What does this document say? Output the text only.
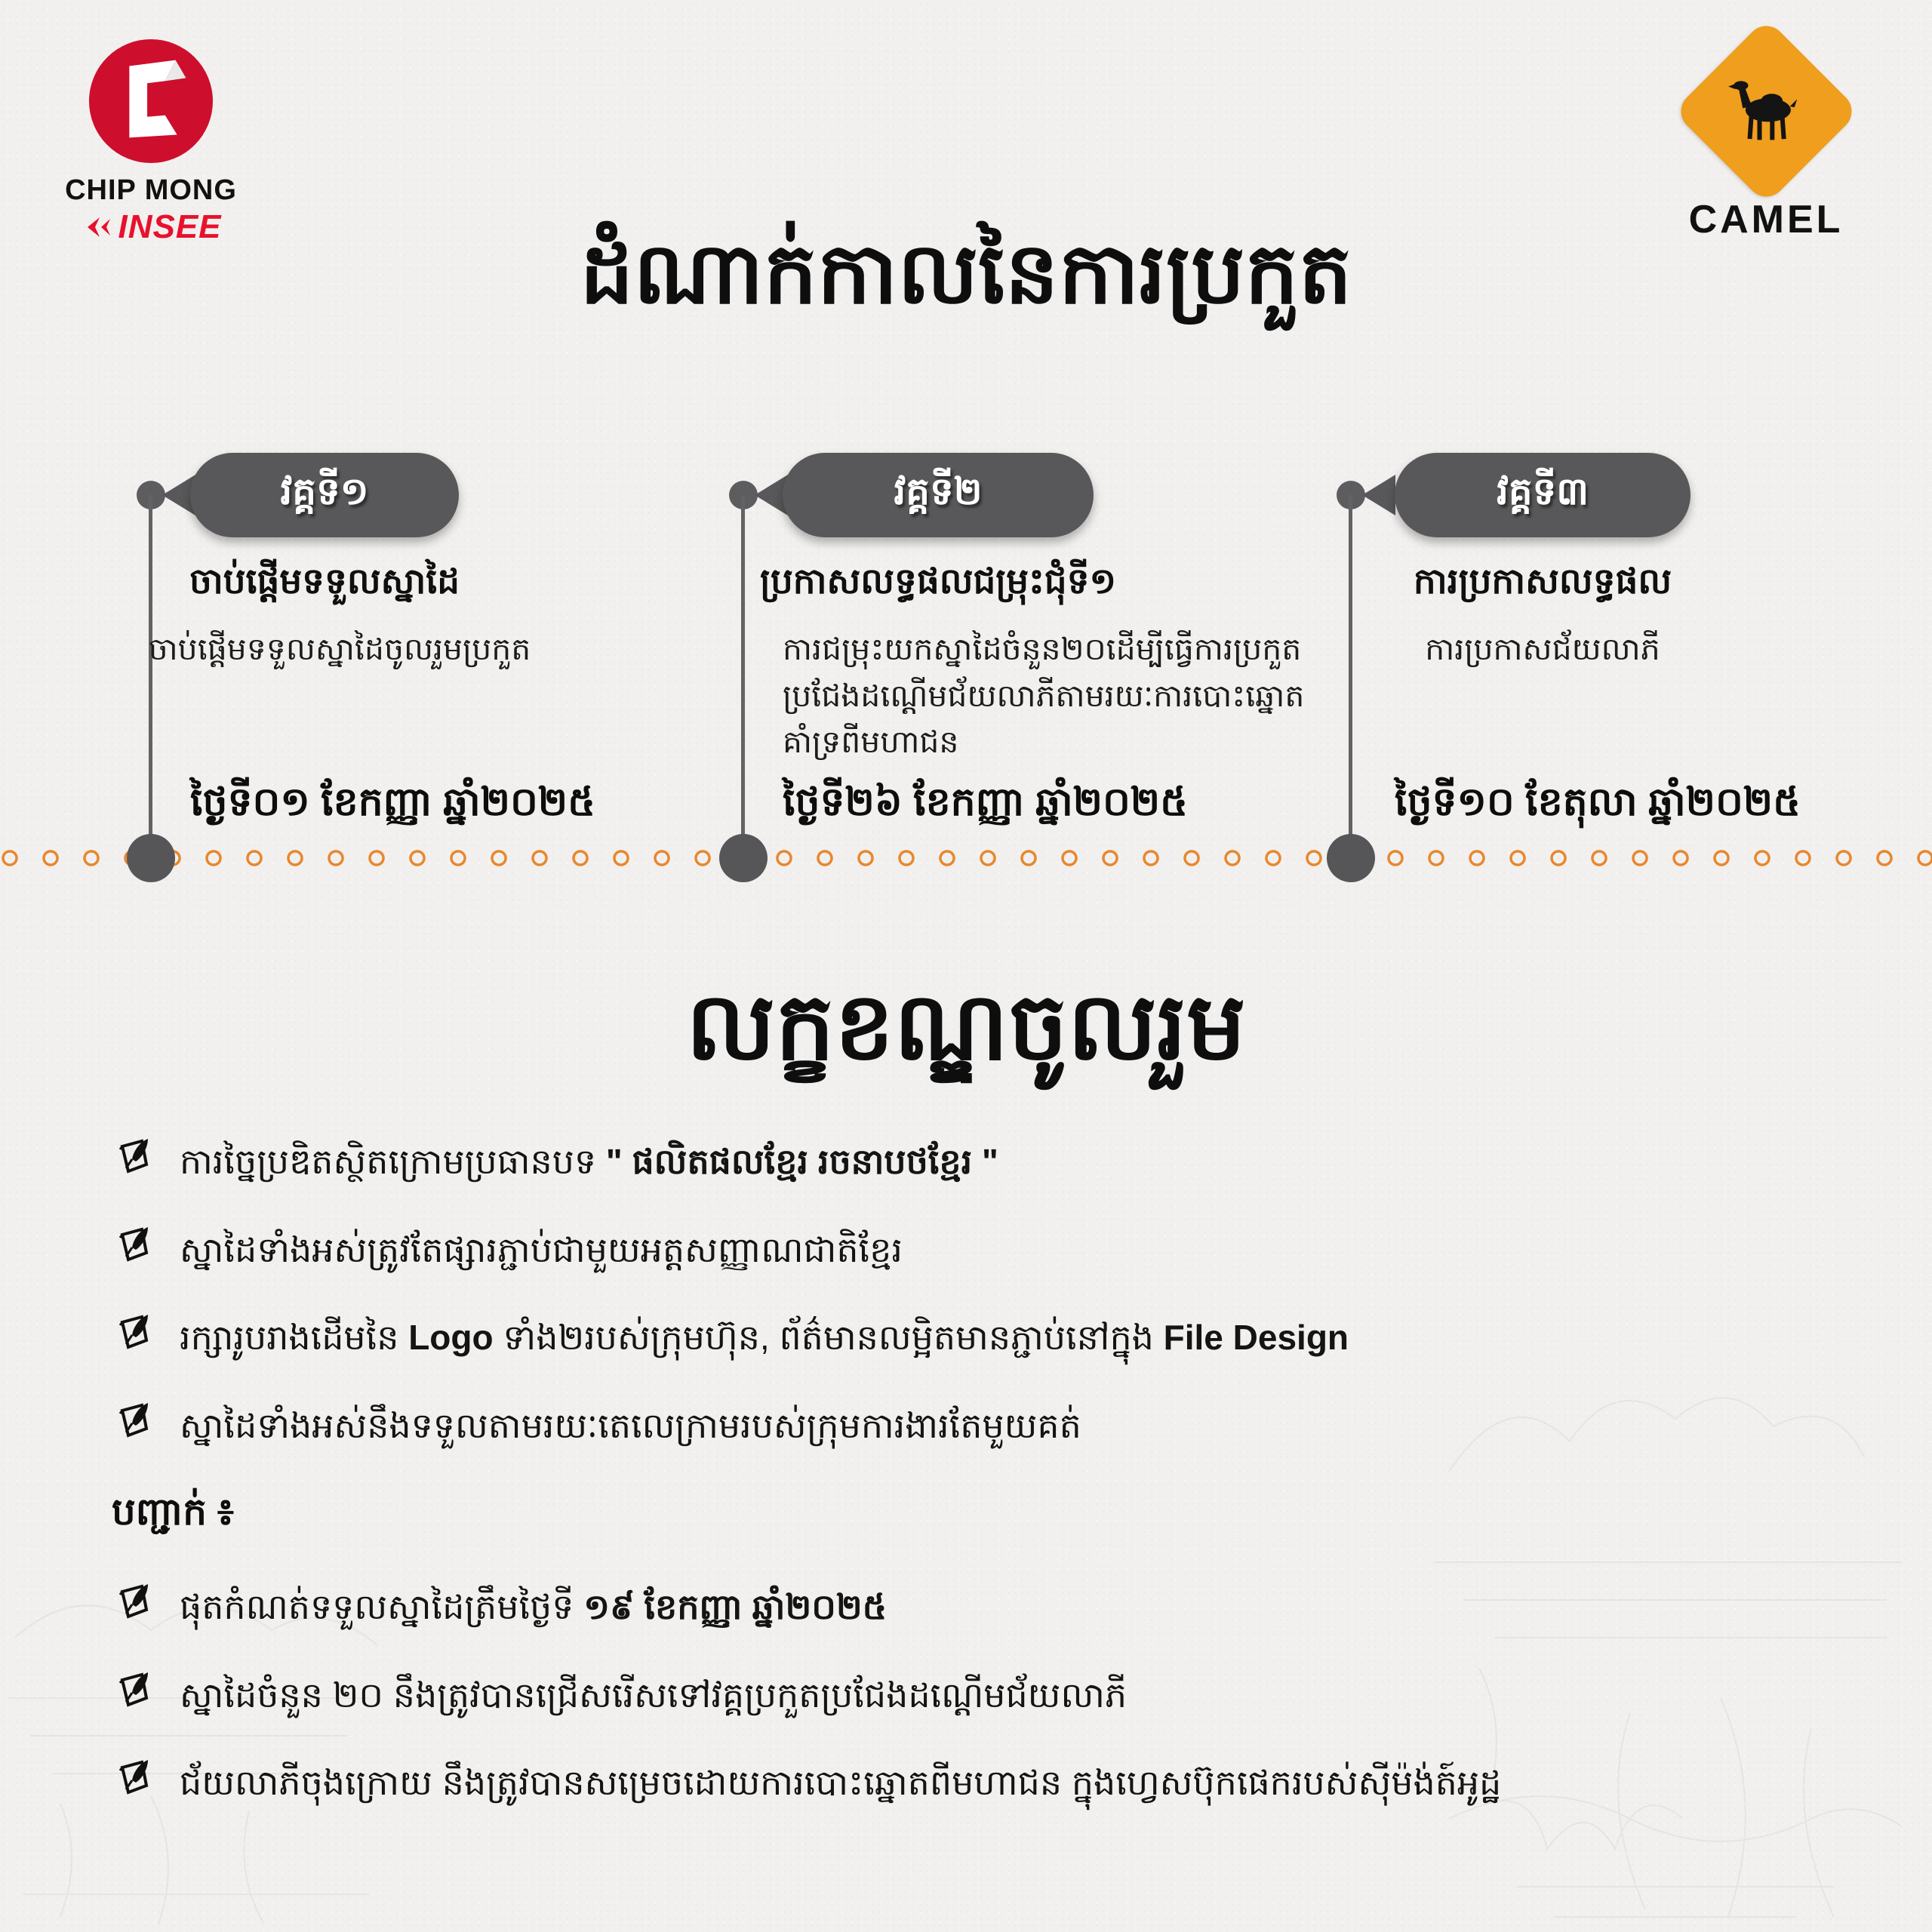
CHIP MONG
INSEE	CAMEL
ដំណាក់កាលនៃការប្រកួត
វគ្គទី១
ចាប់ផ្តើមទទួលស្នាដៃ
ចាប់ផ្តើមទទួលស្នាដៃចូលរួមប្រកួត
ថ្ងៃទី០១ ខែកញ្ញា ឆ្នាំ២០២៥
វគ្គទី២
ប្រកាសលទ្ធផលជម្រុះជុំទី១
ការជម្រុះយកស្នាដៃចំនួន២០ដើម្បីធ្វើការប្រកួតប្រជែងដណ្តើមជ័យលាភីតាមរយៈការបោះឆ្នោតគាំទ្រពីមហាជន
ថ្ងៃទី២៦ ខែកញ្ញា ឆ្នាំ២០២៥
វគ្គទី៣
ការប្រកាសលទ្ធផល
ការប្រកាសជ័យលាភី
ថ្ងៃទី១០ ខែតុលា ឆ្នាំ២០២៥
លក្ខខណ្ឌចូលរួម
ការច្នៃប្រឌិតស្ថិតក្រោមប្រធានបទ " ផលិតផលខ្មែរ រចនាបថខ្មែរ "
ស្នាដៃទាំងអស់ត្រូវតែផ្សារភ្ជាប់ជាមួយអត្តសញ្ញាណជាតិខ្មែរ
រក្សារូបរាងដើមនៃ Logo ទាំង២របស់ក្រុមហ៊ុន, ព័ត៌មានលម្អិតមានភ្ជាប់នៅក្នុង File Design
ស្នាដៃទាំងអស់នឹងទទួលតាមរយៈតេលេក្រាមរបស់ក្រុមការងារតែមួយគត់
បញ្ជាក់ ៖
ផុតកំណត់ទទួលស្នាដៃត្រឹមថ្ងៃទី ១៩ ខែកញ្ញា ឆ្នាំ២០២៥
ស្នាដៃចំនួន ២០ នឹងត្រូវបានជ្រើសរើសទៅវគ្គប្រកួតប្រជែងដណ្តើមជ័យលាភី
ជ័យលាភីចុងក្រោយ នឹងត្រូវបានសម្រេចដោយការបោះឆ្នោតពីមហាជន ក្នុងហ្វេសប៊ុកផេករបស់ស៊ីម៉ង់ត៍អូដ្ឋ
